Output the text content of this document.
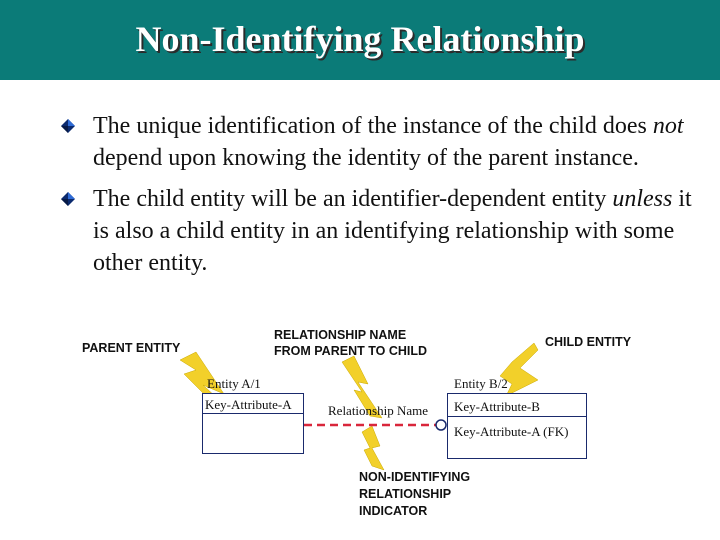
Non-Identifying Relationship
The unique identification of the instance of the child does not depend upon knowing the identity of the parent instance.
The child entity will be an identifier-dependent entity unless it is also a child entity in an identifying relationship with some other entity.
PARENT ENTITY
RELATIONSHIP NAME
FROM PARENT TO CHILD
CHILD ENTITY
Entity A/1
Key-Attribute-A	Relationship Name
Entity B/2
Key-Attribute-B
Key-Attribute-A (FK)
NON-IDENTIFYING
RELATIONSHIP
INDICATOR
